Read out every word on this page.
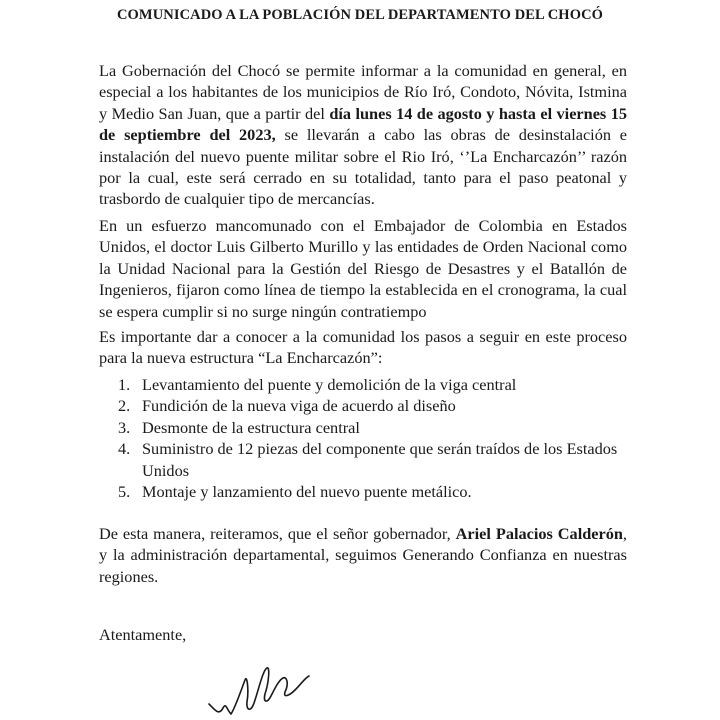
COMUNICADO A LA POBLACIÓN DEL DEPARTAMENTO DEL CHOCÓ

La Gobernación del Chocó se permite informar a la comunidad en general, en especial a los habitantes de los municipios de Río Iró, Condoto, Nóvita, Istmina y Medio San Juan, que a partir del día lunes 14 de agosto y hasta el viernes 15 de septiembre del 2023, se llevarán a cabo las obras de desinstalación e instalación del nuevo puente militar sobre el Rio Iró, ‘’La Encharcazón’’ razón por la cual, este será cerrado en su totalidad, tanto para el paso peatonal y trasbordo de cualquier tipo de mercancías.

En un esfuerzo mancomunado con el Embajador de Colombia en Estados Unidos, el doctor Luis Gilberto Murillo y las entidades de Orden Nacional como la Unidad Nacional para la Gestión del Riesgo de Desastres y el Batallón de Ingenieros, fijaron como línea de tiempo la establecida en el cronograma, la cual se espera cumplir si no surge ningún contratiempo

Es importante dar a conocer a la comunidad los pasos a seguir en este proceso para la nueva estructura “La Encharcazón”:

1. Levantamiento del puente y demolición de la viga central
2. Fundición de la nueva viga de acuerdo al diseño
3. Desmonte de la estructura central
4. Suministro de 12 piezas del componente que serán traídos de los Estados Unidos
5. Montaje y lanzamiento del nuevo puente metálico.

De esta manera, reiteramos, que el señor gobernador, Ariel Palacios Calderón, y la administración departamental, seguimos Generando Confianza en nuestras regiones.

Atentamente,
